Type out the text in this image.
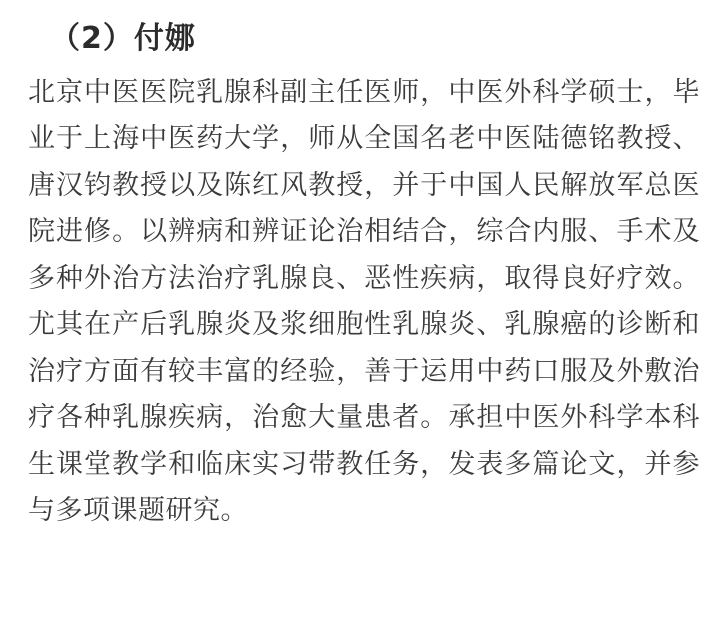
（2）付娜

北京中医医院乳腺科副主任医师，中医外科学硕士，毕业于上海中医药大学，师从全国名老中医陆德铭教授、唐汉钧教授以及陈红风教授，并于中国人民解放军总医院进修。以辨病和辨证论治相结合，综合内服、手术及多种外治方法治疗乳腺良、恶性疾病，取得良好疗效。尤其在产后乳腺炎及浆细胞性乳腺炎、乳腺癌的诊断和治疗方面有较丰富的经验，善于运用中药口服及外敷治疗各种乳腺疾病，治愈大量患者。承担中医外科学本科生课堂教学和临床实习带教任务，发表多篇论文，并参与多项课题研究。
